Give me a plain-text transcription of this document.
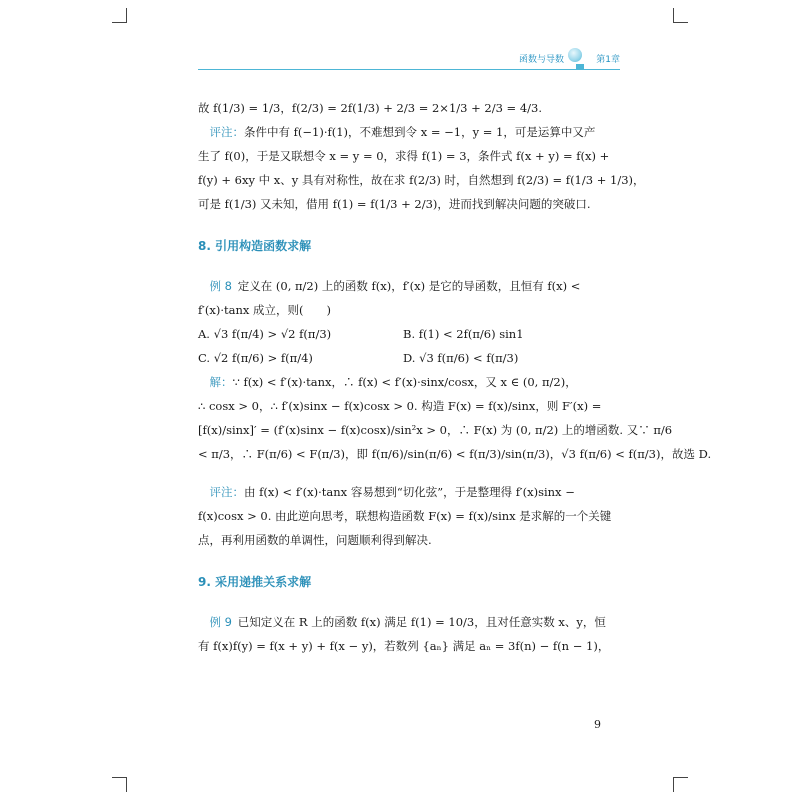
函数与导数	第1章
故 f(1/3) = 1/3，f(2/3) = 2f(1/3) + 2/3 = 2×1/3 + 2/3 = 4/3.
 评注：条件中有 f(−1)·f(1)，不难想到令 x = −1，y = 1，可是运算中又产
生了 f(0)，于是又联想令 x = y = 0，求得 f(1) = 3，条件式 f(x + y) = f(x) +
f(y) + 6xy 中 x、y 具有对称性，故在求 f(2/3) 时，自然想到 f(2/3) = f(1/3 + 1/3)，
可是 f(1/3) 又未知，借用 f(1) = f(1/3 + 2/3)，进而找到解决问题的突破口.
8. 引用构造函数求解
 例 8  定义在 (0, π/2) 上的函数 f(x)，f′(x) 是它的导函数，且恒有 f(x) <
f′(x)·tanx 成立，则(　　)
A. √3 f(π/4) > √2 f(π/3)	B. f(1) < 2f(π/6) sin1
C. √2 f(π/6) > f(π/4)	D. √3 f(π/6) < f(π/3)
 解：∵ f(x) < f′(x)·tanx，∴ f(x) < f′(x)·sinx/cosx，又 x ∈ (0, π/2)，
∴ cosx > 0，∴ f′(x)sinx − f(x)cosx > 0. 构造 F(x) = f(x)/sinx，则 F′(x) =
[f(x)/sinx]′ = (f′(x)sinx − f(x)cosx)/sin²x > 0，∴ F(x) 为 (0, π/2) 上的增函数. 又∵ π/6
< π/3，∴ F(π/6) < F(π/3)，即 f(π/6)/sin(π/6) < f(π/3)/sin(π/3)，√3 f(π/6) < f(π/3)，故选 D.
 评注：由 f(x) < f′(x)·tanx 容易想到“切化弦”，于是整理得 f′(x)sinx −
f(x)cosx > 0. 由此逆向思考，联想构造函数 F(x) = f(x)/sinx 是求解的一个关键
点，再利用函数的单调性，问题顺利得到解决.
9. 采用递推关系求解
 例 9  已知定义在 R 上的函数 f(x) 满足 f(1) = 10/3，且对任意实数 x、y，恒
有 f(x)f(y) = f(x + y) + f(x − y)，若数列 {aₙ} 满足 aₙ = 3f(n) − f(n − 1)，
9
